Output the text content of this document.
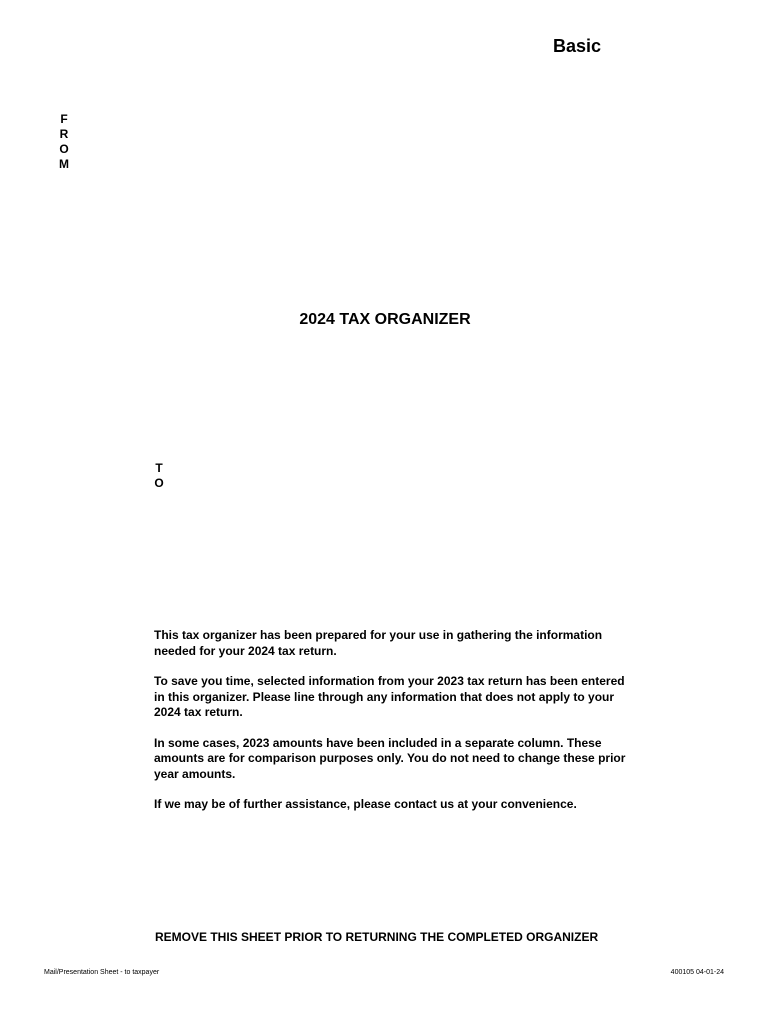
Basic
F
R
O
M
2024 TAX ORGANIZER
T
O

This tax organizer has been prepared for your use in gathering the information needed for your 2024 tax return.

To save you time, selected information from your 2023 tax return has been entered in this organizer. Please line through any information that does not apply to your 2024 tax return.

In some cases, 2023 amounts have been included in a separate column. These amounts are for comparison purposes only. You do not need to change these prior year amounts.

If we may be of further assistance, please contact us at your convenience.

REMOVE THIS SHEET PRIOR TO RETURNING THE COMPLETED ORGANIZER
Mail/Presentation Sheet - to taxpayer	400105 04-01-24
